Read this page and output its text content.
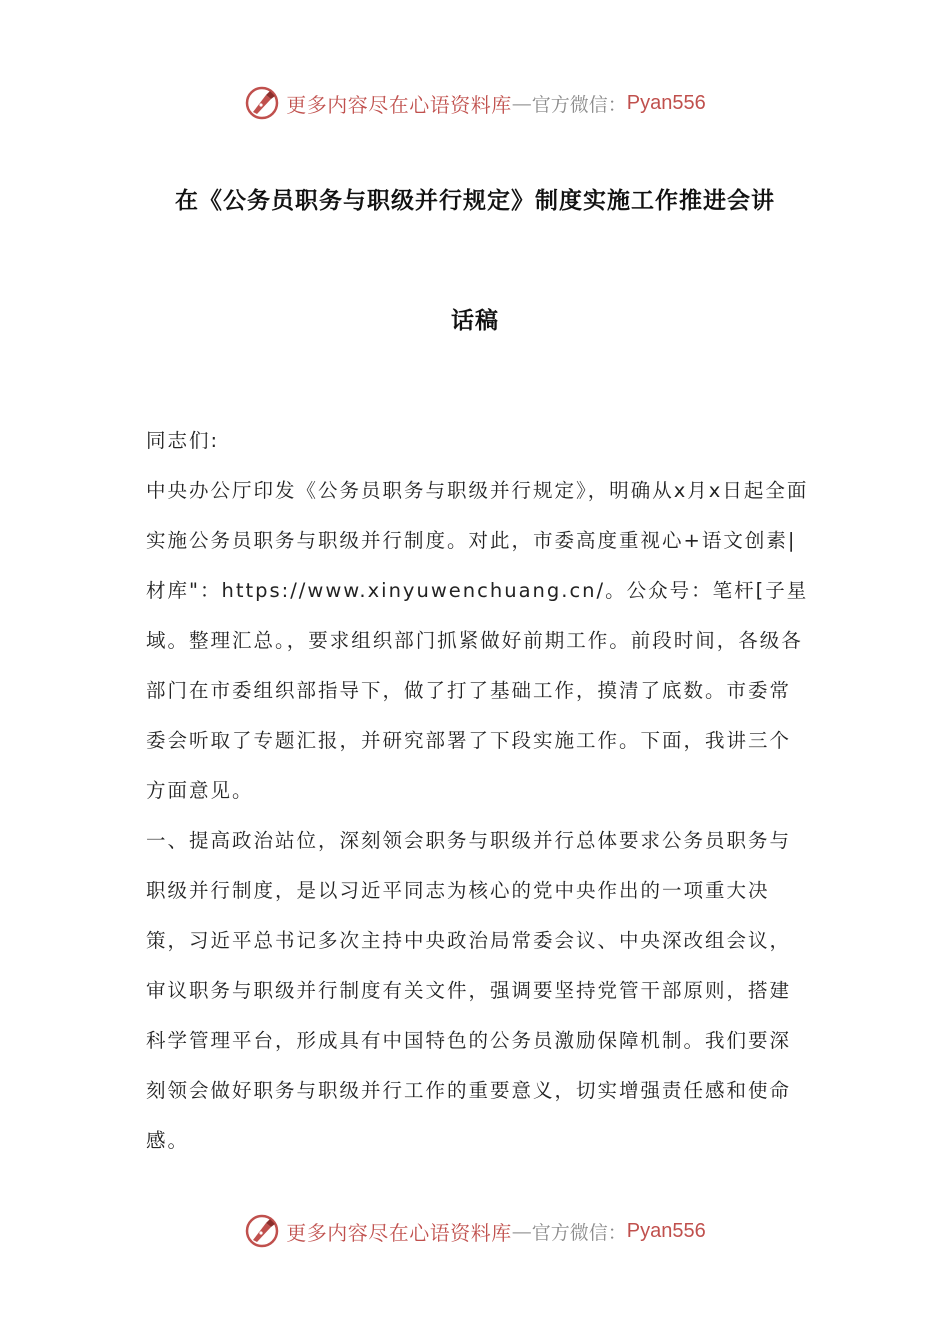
更多内容尽在心语资料库 — 官方微信： Pyan556
在《公务员职务与职级并行规定》制度实施工作推进会讲
话稿

同志们:

中央办公厅印发《公务员职务与职级并行规定》，明确从x月x日起全面实施公务员职务与职级并行制度。对此，市委高度重视心+语文创素|材库"：https://www.xinyuwenchuang.cn/。公众号：笔杆[子星域。整理汇总。，要求组织部门抓紧做好前期工作。前段时间，各级各部门在市委组织部指导下，做了打了基础工作，摸清了底数。市委常委会听取了专题汇报，并研究部署了下段实施工作。下面，我讲三个方面意见。

一、提高政治站位，深刻领会职务与职级并行总体要求公务员职务与职级并行制度，是以习近平同志为核心的党中央作出的一项重大决策，习近平总书记多次主持中央政治局常委会议、中央深改组会议，审议职务与职级并行制度有关文件，强调要坚持党管干部原则，搭建科学管理平台，形成具有中国特色的公务员激励保障机制。我们要深刻领会做好职务与职级并行工作的重要意义，切实增强责任感和使命感。

更多内容尽在心语资料库 — 官方微信： Pyan556
